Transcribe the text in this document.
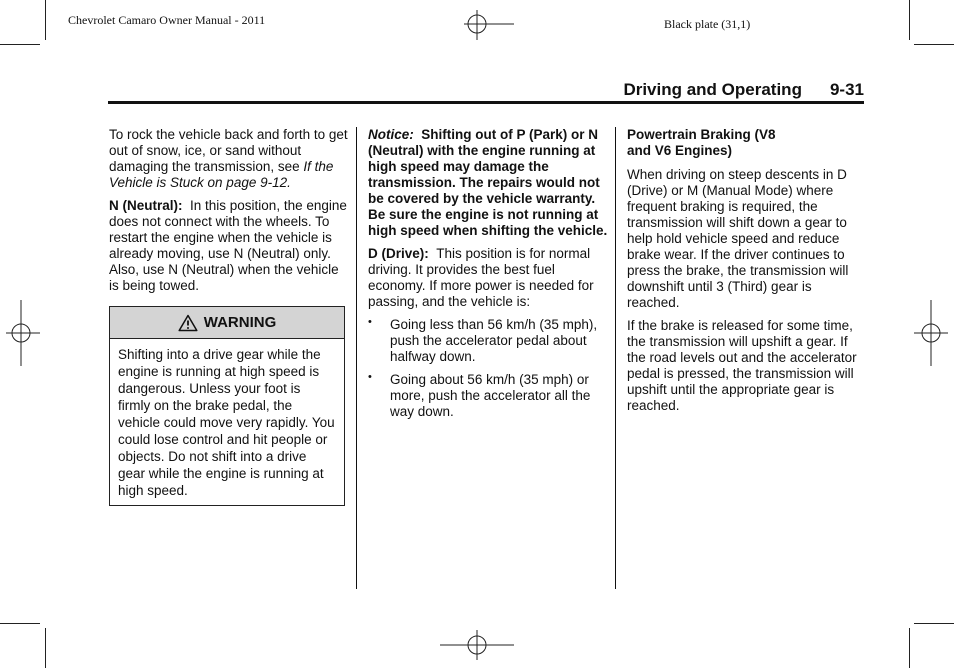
Chevrolet Camaro Owner Manual - 2011	Black plate (31,1)
Driving and Operating 9-31

To rock the vehicle back and forth to get out of snow, ice, or sand without damaging the transmission, see If the Vehicle is Stuck on page 9-12.

N (Neutral): In this position, the engine does not connect with the wheels. To restart the engine when the vehicle is already moving, use N (Neutral) only. Also, use N (Neutral) when the vehicle is being towed.

WARNING
Shifting into a drive gear while the engine is running at high speed is dangerous. Unless your foot is firmly on the brake pedal, the vehicle could move very rapidly. You could lose control and hit people or objects. Do not shift into a drive gear while the engine is running at high speed.

Notice: Shifting out of P (Park) or N (Neutral) with the engine running at high speed may damage the transmission. The repairs would not be covered by the vehicle warranty. Be sure the engine is not running at high speed when shifting the vehicle.

D (Drive): This position is for normal driving. It provides the best fuel economy. If more power is needed for passing, and the vehicle is:

• Going less than 56 km/h (35 mph), push the accelerator pedal about halfway down.
• Going about 56 km/h (35 mph) or more, push the accelerator all the way down.

Powertrain Braking (V8 and V6 Engines)

When driving on steep descents in D (Drive) or M (Manual Mode) where frequent braking is required, the transmission will shift down a gear to help hold vehicle speed and reduce brake wear. If the driver continues to press the brake, the transmission will downshift until 3 (Third) gear is reached.

If the brake is released for some time, the transmission will upshift a gear. If the road levels out and the accelerator pedal is pressed, the transmission will upshift until the appropriate gear is reached.
